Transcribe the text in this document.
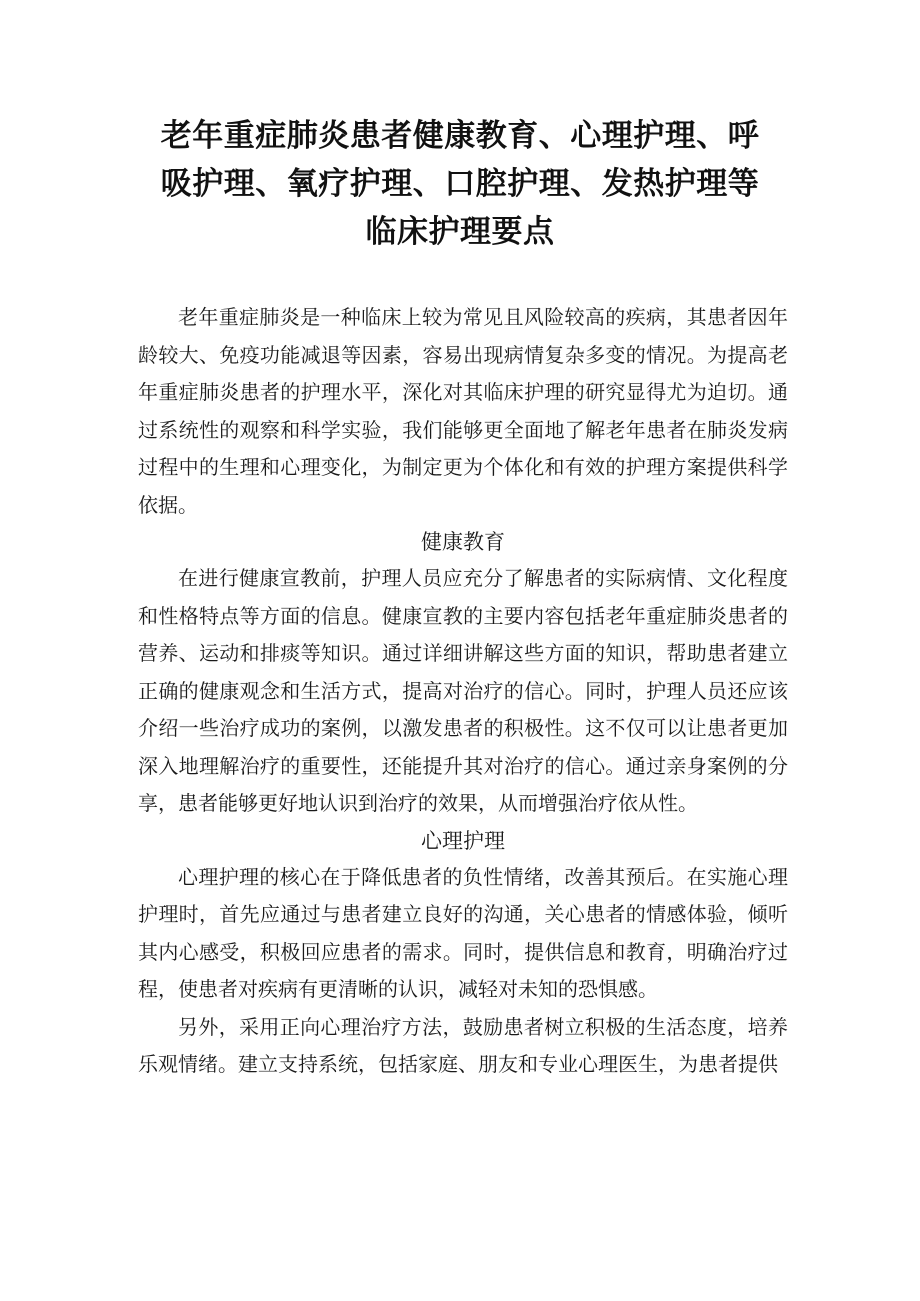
老年重症肺炎患者健康教育、心理护理、呼
吸护理、氧疗护理、口腔护理、发热护理等
临床护理要点

老年重症肺炎是一种临床上较为常见且风险较高的疾病，其患者因年龄较大、免疫功能减退等因素，容易出现病情复杂多变的情况。为提高老年重症肺炎患者的护理水平，深化对其临床护理的研究显得尤为迫切。通过系统性的观察和科学实验，我们能够更全面地了解老年患者在肺炎发病过程中的生理和心理变化，为制定更为个体化和有效的护理方案提供科学依据。

健康教育

在进行健康宣教前，护理人员应充分了解患者的实际病情、文化程度和性格特点等方面的信息。健康宣教的主要内容包括老年重症肺炎患者的营养、运动和排痰等知识。通过详细讲解这些方面的知识，帮助患者建立正确的健康观念和生活方式，提高对治疗的信心。同时，护理人员还应该介绍一些治疗成功的案例，以激发患者的积极性。这不仅可以让患者更加深入地理解治疗的重要性，还能提升其对治疗的信心。通过亲身案例的分享，患者能够更好地认识到治疗的效果，从而增强治疗依从性。

心理护理

心理护理的核心在于降低患者的负性情绪，改善其预后。在实施心理护理时，首先应通过与患者建立良好的沟通，关心患者的情感体验，倾听其内心感受，积极回应患者的需求。同时，提供信息和教育，明确治疗过程，使患者对疾病有更清晰的认识，减轻对未知的恐惧感。

另外，采用正向心理治疗方法，鼓励患者树立积极的生活态度，培养乐观情绪。建立支持系统，包括家庭、朋友和专业心理医生，为患者提供
